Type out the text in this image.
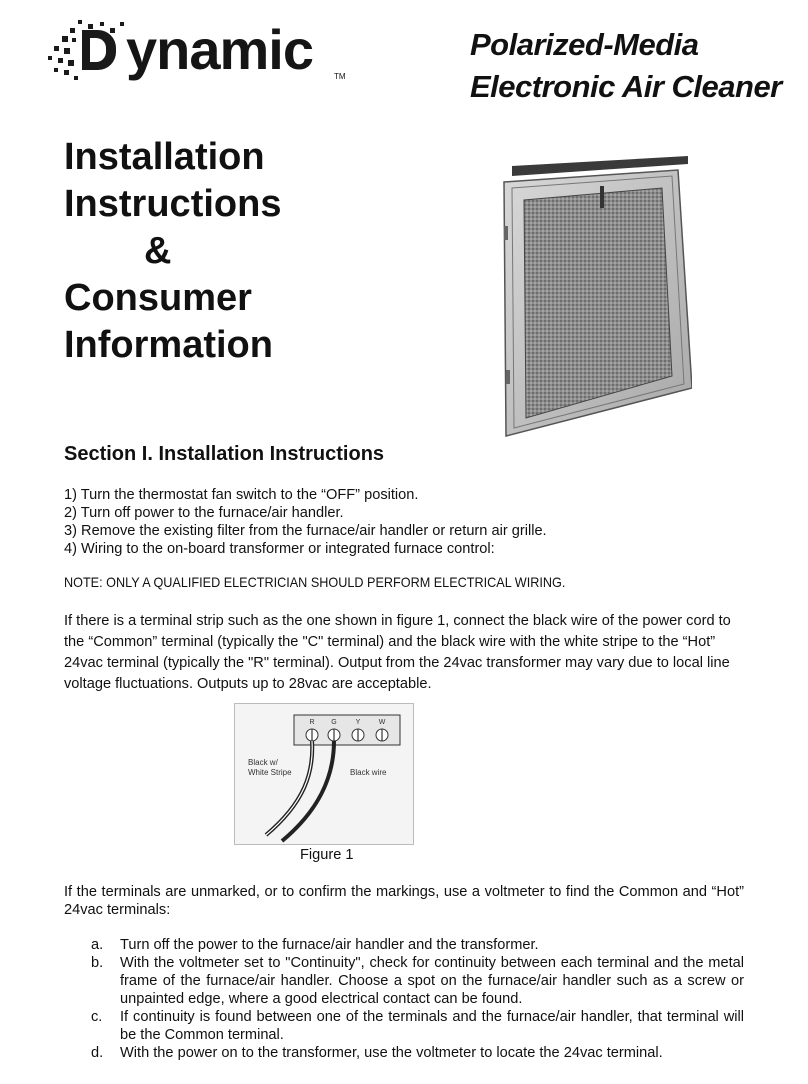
ynamic	TM
Polarized-Media
Electronic Air Cleaner
Installation
Instructions
&
Consumer
Information
Section I. Installation Instructions
1) Turn the thermostat fan switch to the “OFF” position.
2) Turn off power to the furnace/air handler.
3) Remove the existing filter from the furnace/air handler or return air grille.
4) Wiring to the on-board transformer or integrated furnace control:
NOTE: ONLY A QUALIFIED ELECTRICIAN SHOULD PERFORM ELECTRICAL WIRING.
If there is a terminal strip such as the one shown in figure 1, connect the black wire of the power cord to the “Common” terminal (typically the "C" terminal) and the black wire with the white stripe to the “Hot” 24vac terminal (typically the "R" terminal). Output from the 24vac transformer may vary due to local line voltage fluctuations. Outputs up to 28vac are acceptable.
R G	Y	W
Black w/
White Stripe	Black wire
Figure 1
If the terminals are unmarked, or to confirm the markings, use a voltmeter to find the Common and “Hot” 24vac terminals:
a. Turn off the power to the furnace/air handler and the transformer.
b. With the voltmeter set to "Continuity", check for continuity between each terminal and the metal frame of the furnace/air handler. Choose a spot on the furnace/air handler such as a screw or unpainted edge, where a good electrical contact can be found.
c. If continuity is found between one of the terminals and the furnace/air handler, that terminal will be the Common terminal.
d. With the power on to the transformer, use the voltmeter to locate the 24vac terminal.
